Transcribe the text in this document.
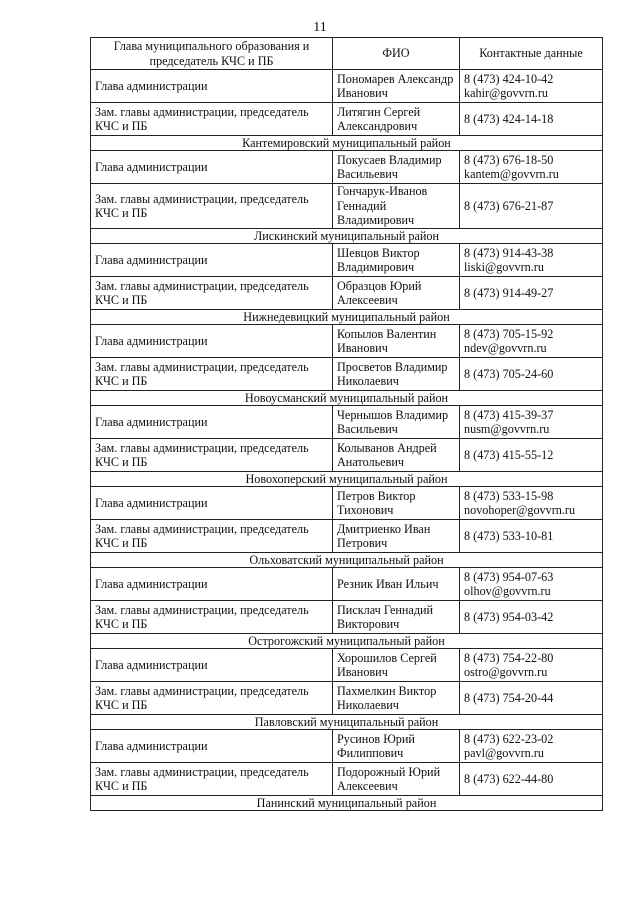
11
Глава муниципального образования и председатель КЧС и ПБ	ФИО	Контактные данные
Глава администрации	Пономарев Александр Иванович	8 (473) 424-10-42
kahir@govvrn.ru

Зам. главы администрации, председатель КЧС и ПБ	Литягин Сергей Александрович	8 (473) 424-14-18

Кантемировский муниципальный район		
Глава администрации	Покусаев Владимир Васильевич	8 (473) 676-18-50
kantem@govvrn.ru

Зам. главы администрации, председатель КЧС и ПБ	Гончарук-Иванов Геннадий Владимирович	8 (473) 676-21-87

Лискинский муниципальный район		
Глава администрации	Шевцов Виктор Владимирович	8 (473) 914-43-38
liski@govvrn.ru

Зам. главы администрации, председатель КЧС и ПБ	Образцов Юрий Алексеевич	8 (473) 914-49-27

Нижнедевицкий муниципальный район		
Глава администрации	Копылов Валентин Иванович	8 (473) 705-15-92
ndev@govvrn.ru

Зам. главы администрации, председатель КЧС и ПБ	Просветов Владимир Николаевич	8 (473) 705-24-60

Новоусманский муниципальный район		
Глава администрации	Чернышов Владимир Васильевич	8 (473) 415-39-37
nusm@govvrn.ru

Зам. главы администрации, председатель КЧС и ПБ	Колыванов Андрей Анатольевич	8 (473) 415-55-12

Новохоперский муниципальный район		
Глава администрации	Петров Виктор Тихонович	8 (473) 533-15-98
novohoper@govvrn.ru

Зам. главы администрации, председатель КЧС и ПБ	Дмитриенко Иван Петрович	8 (473) 533-10-81

Ольховатский муниципальный район		
Глава администрации	Резник Иван Ильич	8 (473) 954-07-63
olhov@govvrn.ru

Зам. главы администрации, председатель КЧС и ПБ	Писклач Геннадий Викторович	8 (473) 954-03-42

Острогожский муниципальный район		
Глава администрации	Хорошилов Сергей Иванович	8 (473) 754-22-80
ostro@govvrn.ru

Зам. главы администрации, председатель КЧС и ПБ	Пахмелкин Виктор Николаевич	8 (473) 754-20-44

Павловский муниципальный район		
Глава администрации	Русинов Юрий Филиппович	8 (473) 622-23-02
pavl@govvrn.ru

Зам. главы администрации, председатель КЧС и ПБ	Подорожный Юрий Алексеевич	8 (473) 622-44-80

Панинский муниципальный район		
